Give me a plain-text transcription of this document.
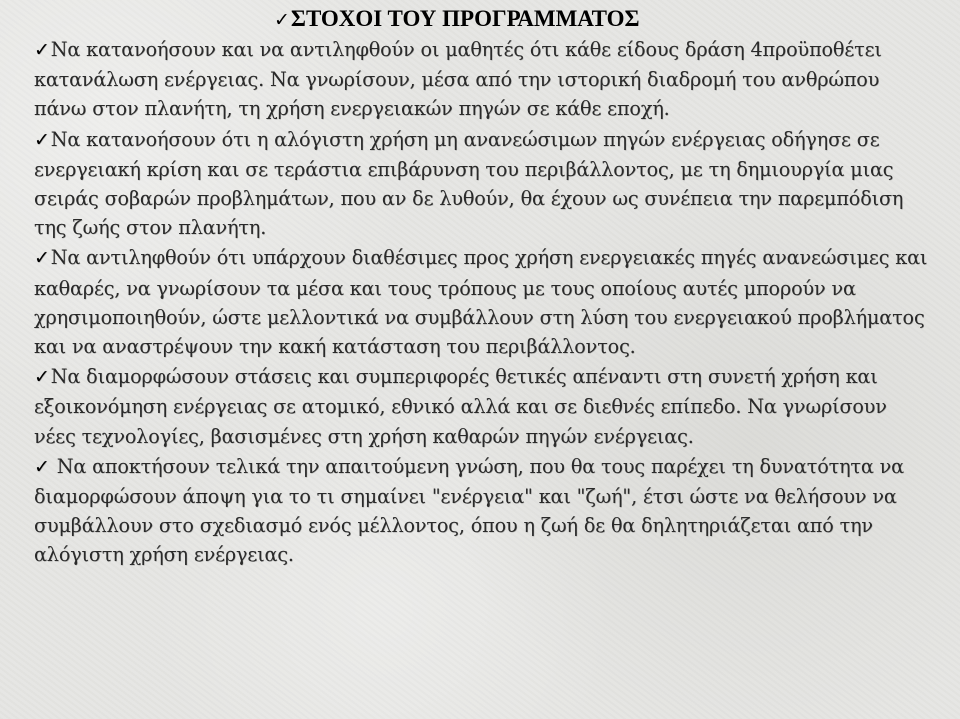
✓ΣΤΟΧΟΙ ΤΟΥ ΠΡΟΓΡΑΜΜΑΤΟΣ

✓Να κατανοήσουν και να αντιληφθούν οι μαθητές ότι κάθε είδους δράση 4προϋποθέτει κατανάλωση ενέργειας. Να γνωρίσουν, μέσα από την ιστορική διαδρομή του ανθρώπου πάνω στον πλανήτη, τη χρήση ενεργειακών πηγών σε κάθε εποχή.

✓Να κατανοήσουν ότι η αλόγιστη χρήση μη ανανεώσιμων πηγών ενέργειας οδήγησε σε ενεργειακή κρίση και σε τεράστια επιβάρυνση του περιβάλλοντος, με τη δημιουργία μιας σειράς σοβαρών προβλημάτων, που αν δε λυθούν, θα έχουν ως συνέπεια την παρεμπόδιση της ζωής στον πλανήτη.

✓Να αντιληφθούν ότι υπάρχουν διαθέσιμες προς χρήση ενεργειακές πηγές ανανεώσιμες και καθαρές, να γνωρίσουν τα μέσα και τους τρόπους με τους οποίους αυτές μπορούν να χρησιμοποιηθούν, ώστε μελλοντικά να συμβάλλουν στη λύση του ενεργειακού προβλήματος και να αναστρέψουν την κακή κατάσταση του περιβάλλοντος.

✓Να διαμορφώσουν στάσεις και συμπεριφορές θετικές απέναντι στη συνετή χρήση και εξοικονόμηση ενέργειας σε ατομικό, εθνικό αλλά και σε διεθνές επίπεδο. Να γνωρίσουν νέες τεχνολογίες, βασισμένες στη χρήση καθαρών πηγών ενέργειας.

✓ Να αποκτήσουν τελικά την απαιτούμενη γνώση, που θα τους παρέχει τη δυνατότητα να διαμορφώσουν άποψη για το τι σημαίνει "ενέργεια" και "ζωή", έτσι ώστε να θελήσουν να συμβάλλουν στο σχεδιασμό ενός μέλλοντος, όπου η ζωή δε θα δηλητηριάζεται από την αλόγιστη χρήση ενέργειας.
